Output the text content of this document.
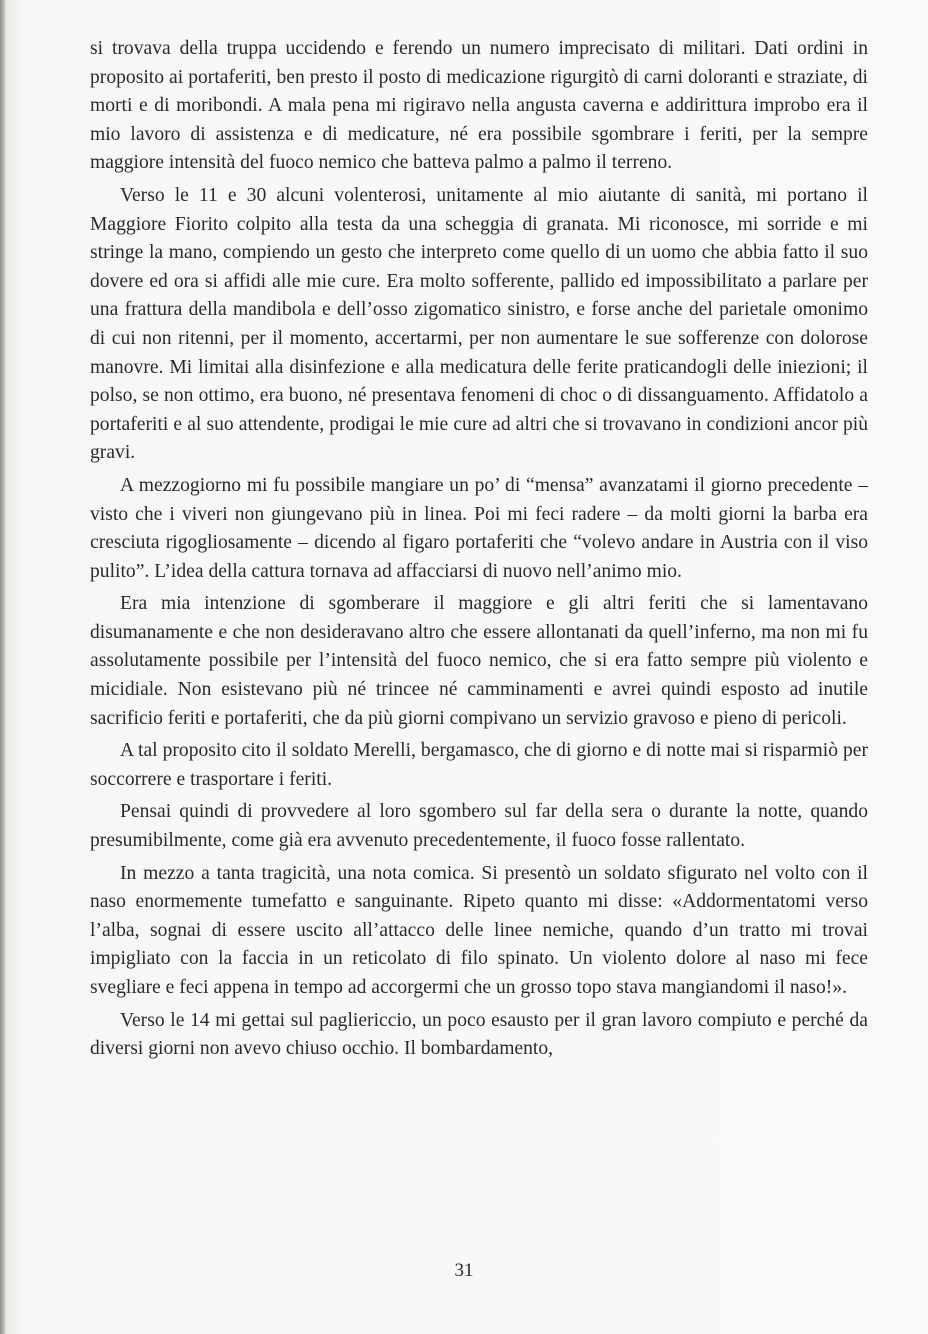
si trovava della truppa uccidendo e ferendo un numero imprecisato di militari. Dati ordini in proposito ai portaferiti, ben presto il posto di medicazione rigurgitò di carni doloranti e straziate, di morti e di moribondi. A mala pena mi rigiravo nella angusta caverna e addirittura improbo era il mio lavoro di assistenza e di medicature, né era possibile sgombrare i feriti, per la sempre maggiore intensità del fuoco nemico che batteva palmo a palmo il terreno.

Verso le 11 e 30 alcuni volenterosi, unitamente al mio aiutante di sanità, mi portano il Maggiore Fiorito colpito alla testa da una scheggia di granata. Mi riconosce, mi sorride e mi stringe la mano, compiendo un gesto che interpreto come quello di un uomo che abbia fatto il suo dovere ed ora si affidi alle mie cure. Era molto sofferente, pallido ed impossibilitato a parlare per una frattura della mandibola e dell’osso zigomatico sinistro, e forse anche del parietale omonimo di cui non ritenni, per il momento, accertarmi, per non aumentare le sue sofferenze con dolorose manovre. Mi limitai alla disinfezione e alla medicatura delle ferite praticandogli delle iniezioni; il polso, se non ottimo, era buono, né presentava fenomeni di choc o di dissanguamento. Affidatolo a portaferiti e al suo attendente, prodigai le mie cure ad altri che si trovavano in condizioni ancor più gravi.

A mezzogiorno mi fu possibile mangiare un po’ di “mensa” avanzatami il giorno precedente – visto che i viveri non giungevano più in linea. Poi mi feci radere – da molti giorni la barba era cresciuta rigogliosamente – dicendo al figaro portaferiti che “volevo andare in Austria con il viso pulito”. L’idea della cattura tornava ad affacciarsi di nuovo nell’animo mio.

Era mia intenzione di sgomberare il maggiore e gli altri feriti che si lamentavano disumanamente e che non desideravano altro che essere allontanati da quell’inferno, ma non mi fu assolutamente possibile per l’intensità del fuoco nemico, che si era fatto sempre più violento e micidiale. Non esistevano più né trincee né camminamenti e avrei quindi esposto ad inutile sacrificio feriti e portaferiti, che da più giorni compivano un servizio gravoso e pieno di pericoli.

A tal proposito cito il soldato Merelli, bergamasco, che di giorno e di notte mai si risparmiò per soccorrere e trasportare i feriti.

Pensai quindi di provvedere al loro sgombero sul far della sera o durante la notte, quando presumibilmente, come già era avvenuto precedentemente, il fuoco fosse rallentato.

In mezzo a tanta tragicità, una nota comica. Si presentò un soldato sfigurato nel volto con il naso enormemente tumefatto e sanguinante. Ripeto quanto mi disse: «Addormentatomi verso l’alba, sognai di essere uscito all’attacco delle linee nemiche, quando d’un tratto mi trovai impigliato con la faccia in un reticolato di filo spinato. Un violento dolore al naso mi fece svegliare e feci appena in tempo ad accorgermi che un grosso topo stava mangiandomi il naso!».

Verso le 14 mi gettai sul pagliericcio, un poco esausto per il gran lavoro compiuto e perché da diversi giorni non avevo chiuso occhio. Il bombardamento,

31
